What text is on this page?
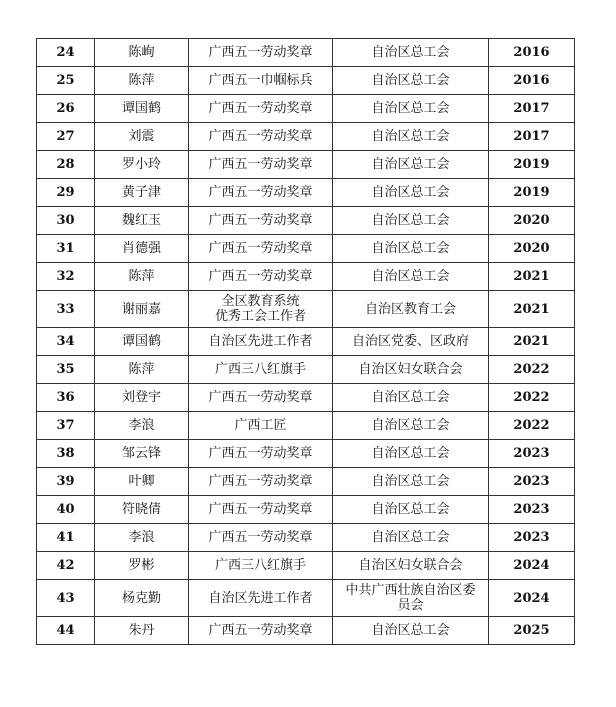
24	陈峋	广西五一劳动奖章	自治区总工会	2016
25	陈萍	广西五一巾帼标兵	自治区总工会	2016
26	谭国鹤	广西五一劳动奖章	自治区总工会	2017
27	刘震	广西五一劳动奖章	自治区总工会	2017
28	罗小玲	广西五一劳动奖章	自治区总工会	2019
29	黄子津	广西五一劳动奖章	自治区总工会	2019
30	魏红玉	广西五一劳动奖章	自治区总工会	2020
31	肖德强	广西五一劳动奖章	自治区总工会	2020
32	陈萍	广西五一劳动奖章	自治区总工会	2021
33	谢丽嘉	全区教育系统
优秀工会工作者	自治区教育工会	2021
34	谭国鹤	自治区先进工作者	自治区党委、区政府	2021
35	陈萍	广西三八红旗手	自治区妇女联合会	2022
36	刘登宇	广西五一劳动奖章	自治区总工会	2022
37	李浪	广西工匠	自治区总工会	2022
38	邹云锋	广西五一劳动奖章	自治区总工会	2023
39	叶卿	广西五一劳动奖章	自治区总工会	2023
40	符晓倩	广西五一劳动奖章	自治区总工会	2023
41	李浪	广西五一劳动奖章	自治区总工会	2023
42	罗彬	广西三八红旗手	自治区妇女联合会	2024
43	杨克勤	自治区先进工作者	中共广西壮族自治区委
员会	2024
44	朱丹	广西五一劳动奖章	自治区总工会	2025
